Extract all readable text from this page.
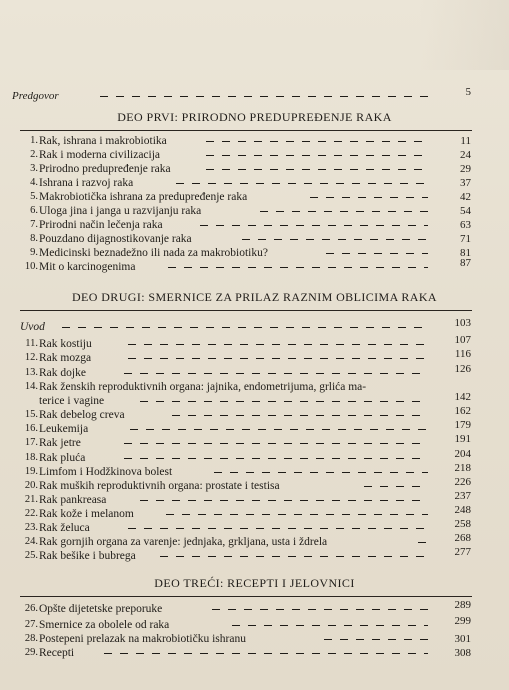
Predgovor	5
DEO PRVI: PRIRODNO PREDUPREĐENJE RAKA
1. Rak, ishrana i makrobiotika	11
2. Rak i moderna civilizacija	24
3. Prirodno predupređenje raka	29
4. Ishrana i razvoj raka	37
5. Makrobiotička ishrana za predupređenje raka	42
6. Uloga jina i janga u razvijanju raka	54
7. Prirodni način lečenja raka	63
8. Pouzdano dijagnostikovanje raka	71
9. Medicinski beznadežno ili nada za makrobiotiku?	81
10. Mit o karcinogenima	87
DEO DRUGI: SMERNICE ZA PRILAZ RAZNIM OBLICIMA RAKA
Uvod	103
11. Rak kostiju	107
12. Rak mozga	116
13. Rak dojke	126
14. Rak ženskih reproduktivnih organa: jajnika, endometrijuma, grlića ma-
terice i vagine	142
15. Rak debelog creva	162
16. Leukemija	179
17. Rak jetre	191
18. Rak pluća	204
19. Limfom i Hodžkinova bolest	218
20. Rak muških reproduktivnih organa: prostate i testisa	226
21. Rak pankreasa	237
22. Rak kože i melanom	248
23. Rak želuca	258
24. Rak gornjih organa za varenje: jednjaka, grkljana, usta i ždrela	268
25. Rak bešike i bubrega	277
DEO TREĆI: RECEPTI I JELOVNICI
26. Opšte dijetetske preporuke	289
27. Smernice za obolele od raka	299
28. Postepeni prelazak na makrobiotičku ishranu	301
29. Recepti	308
